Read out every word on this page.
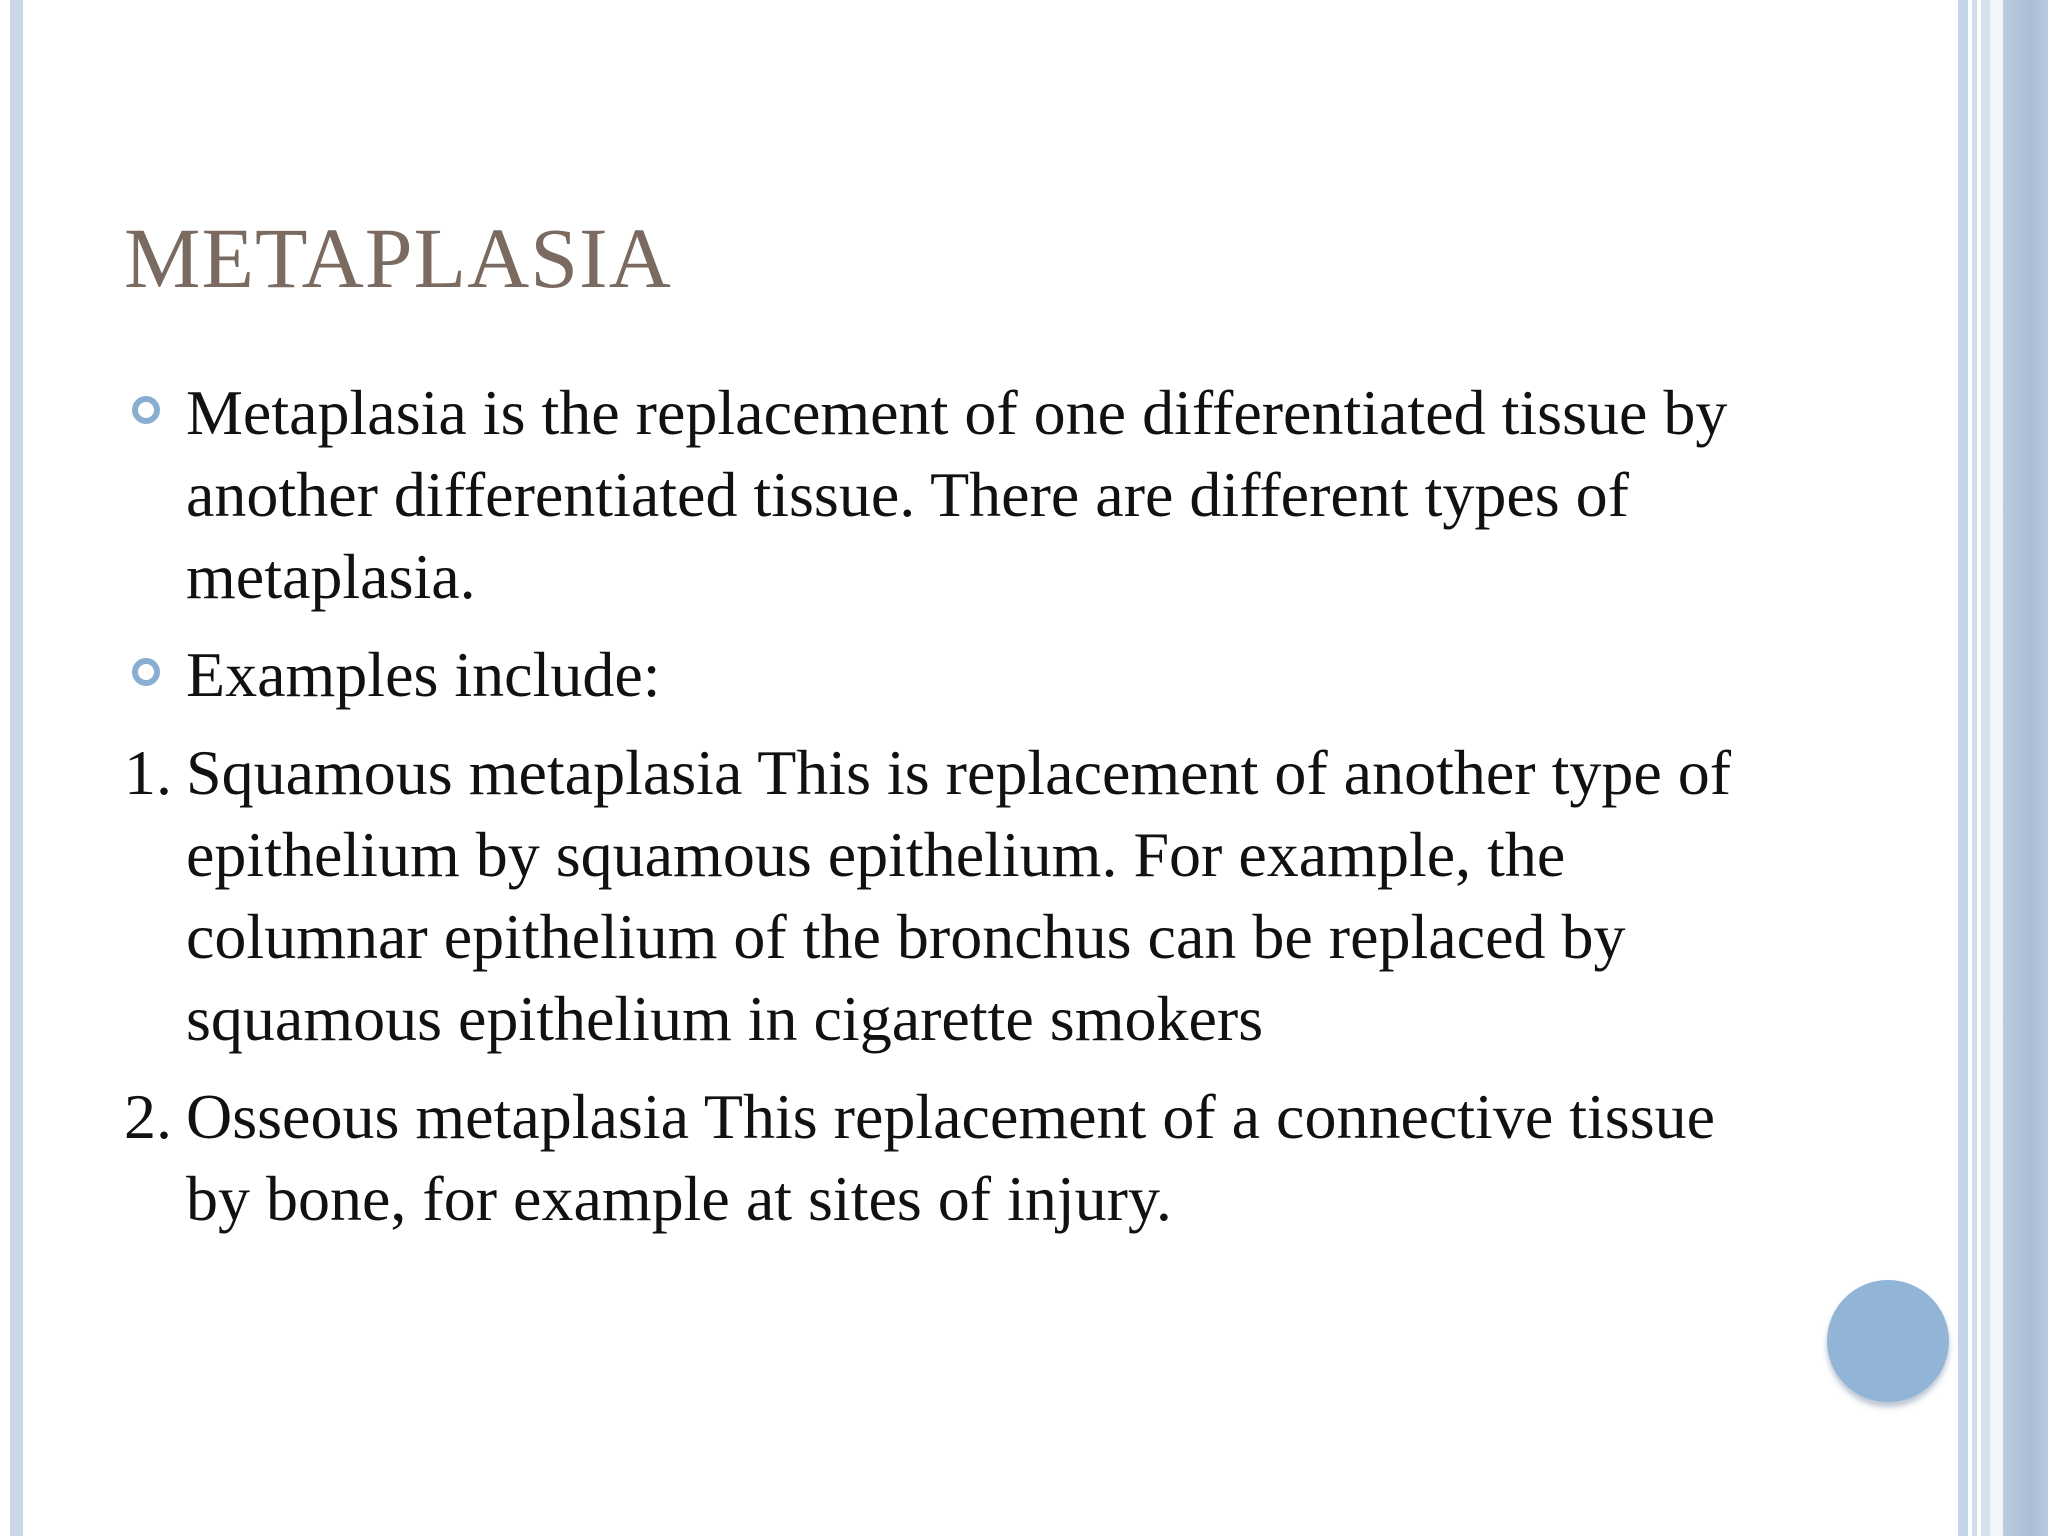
METAPLASIA

Metaplasia is the replacement of one differentiated tissue by another differentiated tissue. There are different types of metaplasia.

Examples include:

1. Squamous metaplasia This is replacement of another type of epithelium by squamous epithelium. For example, the columnar epithelium of the bronchus can be replaced by squamous epithelium in cigarette smokers

2. Osseous metaplasia This replacement of a connective tissue by bone, for example at sites of injury.
